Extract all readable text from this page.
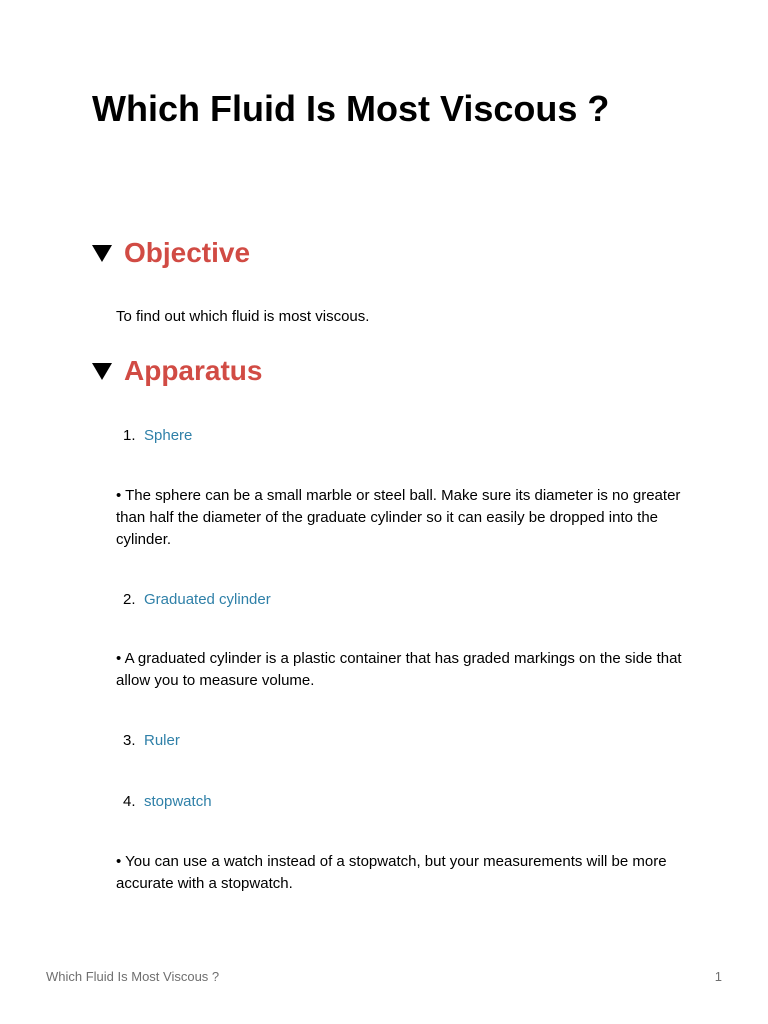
Which Fluid Is Most Viscous ?
Objective

To find out which fluid is most viscous.

Apparatus
1. Sphere

• The sphere can be a small marble or steel ball. Make sure its diameter is no greater than half the diameter of the graduate cylinder so it can easily be dropped into the cylinder.

2. Graduated cylinder

• A graduated cylinder is a plastic container that has graded markings on the side that allow you to measure volume.

3. Ruler
4. stopwatch

• You can use a watch instead of a stopwatch, but your measurements will be more accurate with a stopwatch.

Which Fluid Is Most Viscous ?	1
